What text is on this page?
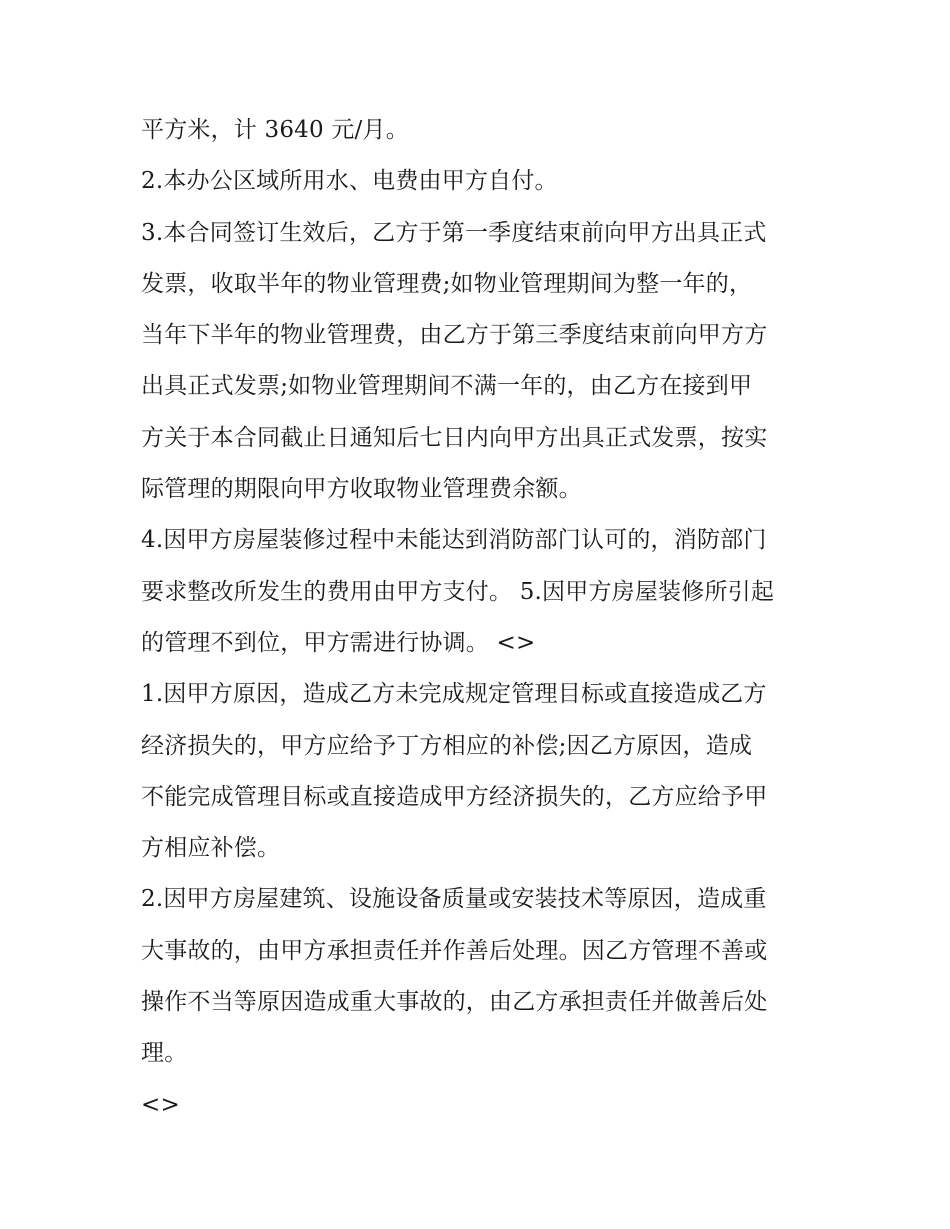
平方米，计 3640 元/月。
2.本办公区域所用水、电费由甲方自付。
3.本合同签订生效后，乙方于第一季度结束前向甲方出具正式
发票，收取半年的物业管理费;如物业管理期间为整一年的，
当年下半年的物业管理费，由乙方于第三季度结束前向甲方方
出具正式发票;如物业管理期间不满一年的，由乙方在接到甲
方关于本合同截止日通知后七日内向甲方出具正式发票，按实
际管理的期限向甲方收取物业管理费余额。
4.因甲方房屋装修过程中未能达到消防部门认可的，消防部门
要求整改所发生的费用由甲方支付。 5.因甲方房屋装修所引起
的管理不到位，甲方需进行协调。 <>
1.因甲方原因，造成乙方未完成规定管理目标或直接造成乙方
经济损失的，甲方应给予丁方相应的补偿;因乙方原因，造成
不能完成管理目标或直接造成甲方经济损失的，乙方应给予甲
方相应补偿。
2.因甲方房屋建筑、设施设备质量或安装技术等原因，造成重
大事故的，由甲方承担责任并作善后处理。因乙方管理不善或
操作不当等原因造成重大事故的，由乙方承担责任并做善后处
理。
<>
